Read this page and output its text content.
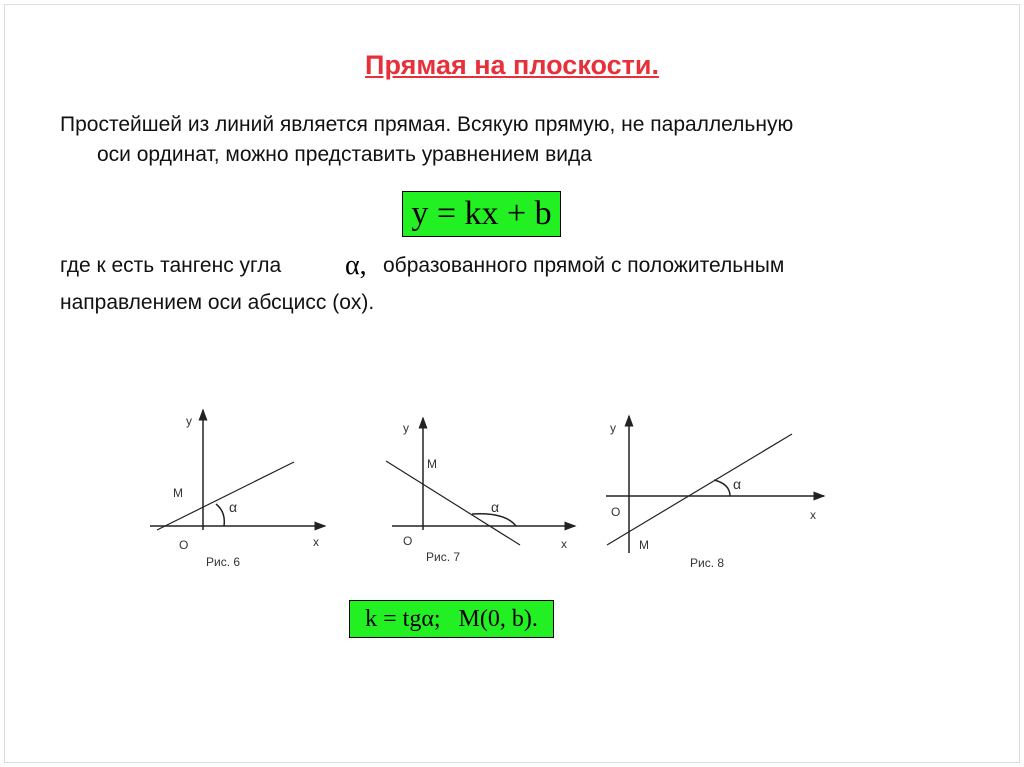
Прямая на плоскости.
Простейшей из линий является прямая. Всякую прямую, не параллельную
оси ординат, можно представить уравнением вида
y = kx + b
где к есть тангенс угла α, образованного прямой с положительным
направлением оси абсцисс (ox).
y
M
O	x
α
Рис. 6
y
M
O	x
α
Рис. 7
y
M
O	x
α
Рис. 8
k = tgα;   M(0, b).
